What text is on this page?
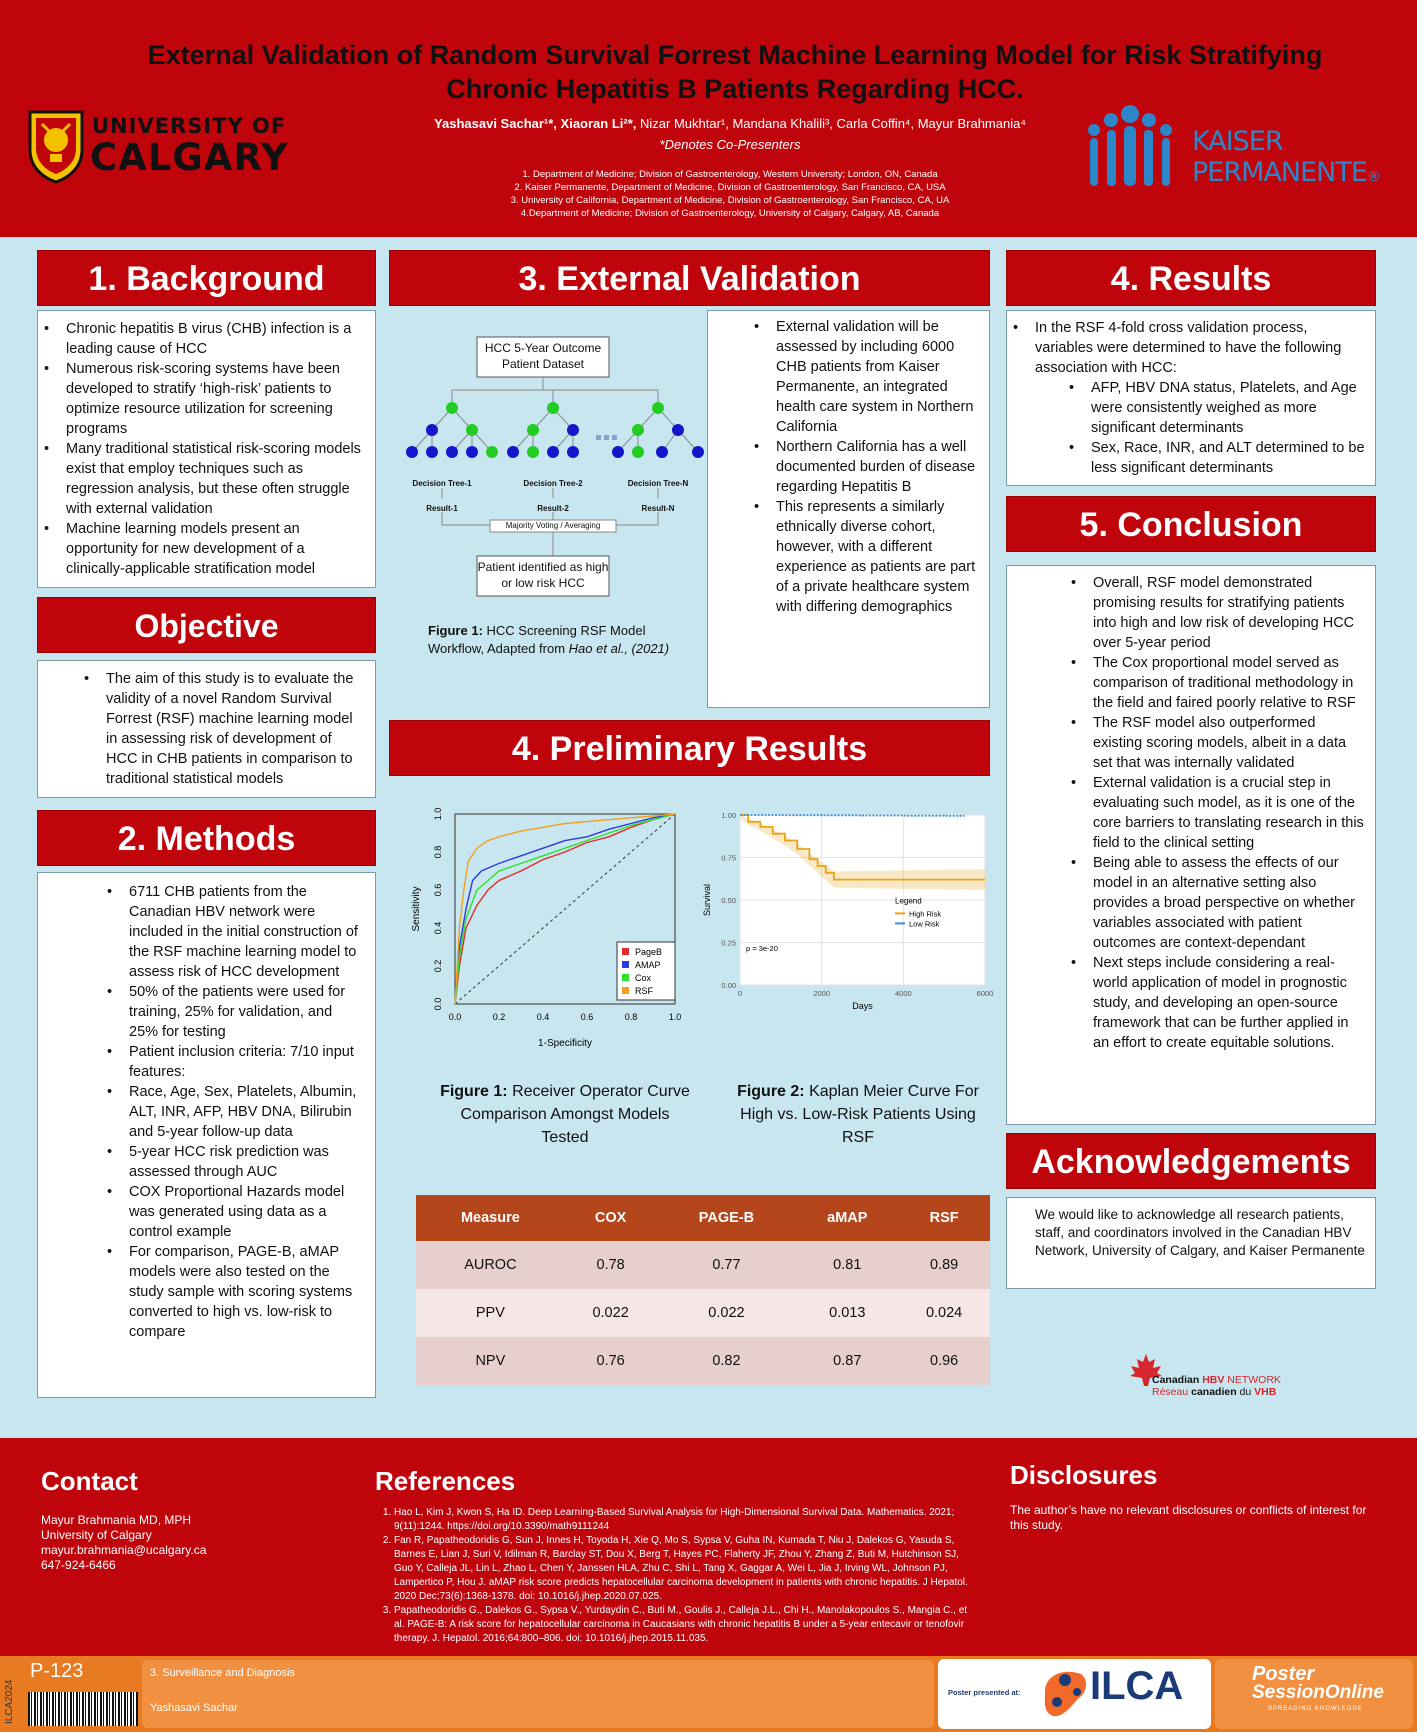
External Validation of Random Survival Forrest Machine Learning Model for Risk Stratifying Chronic Hepatitis B Patients Regarding HCC.
Yashasavi Sachar¹*, Xiaoran Li²*, Nizar Mukhtar¹, Mandana Khalili³, Carla Coffin⁴, Mayur Brahmania⁴
*Denotes Co-Presenters
1. Department of Medicine; Division of Gastroenterology, Western University; London, ON, Canada
2. Kaiser Permanente, Department of Medicine, Division of Gastroenterology, San Francisco, CA, USA
3. University of California, Department of Medicine, Division of Gastroenterology, San Francisco, CA, UA
4.Department of Medicine; Division of Gastroenterology, University of Calgary, Calgary, AB, Canada
UNIVERSITY OF
CALGARY	KAISER
PERMANENTE®
1. Background
• Chronic hepatitis B virus (CHB) infection is a leading cause of HCC
• Numerous risk-scoring systems have been developed to stratify ‘high-risk’ patients to optimize resource utilization for screening programs
• Many traditional statistical risk-scoring models exist that employ techniques such as regression analysis, but these often struggle with external validation
• Machine learning models present an opportunity for new development of a clinically-applicable stratification model
Objective
• The aim of this study is to evaluate the validity of a novel Random Survival Forrest (RSF) machine learning model in assessing risk of development of HCC in CHB patients in comparison to traditional statistical models
2. Methods
• 6711 CHB patients from the Canadian HBV network were included in the initial construction of the RSF machine learning model to assess risk of HCC development
• 50% of the patients were used for training, 25% for validation, and 25% for testing
• Patient inclusion criteria: 7/10 input features:
• Race, Age, Sex, Platelets, Albumin, ALT, INR, AFP, HBV DNA, Bilirubin and 5-year follow-up data
• 5-year HCC risk prediction was assessed through AUC
• COX Proportional Hazards model was generated using data as a control example
• For comparison, PAGE-B, aMAP models were also tested on the study sample with scoring systems converted to high vs. low-risk to compare
3. External Validation
HCC 5-Year Outcome Patient Dataset
Decision Tree-1	Decision Tree-2	Decision Tree-N
Result-1	Result-2	Result-N
Majority Voting / Averaging
Patient identified as high or low risk HCC
Figure 1: HCC Screening RSF Model Workflow, Adapted from Hao et al., (2021)
• External validation will be assessed by including 6000 CHB patients from Kaiser Permanente, an integrated health care system in Northern California
• Northern California has a well documented burden of disease regarding Hepatitis B
• This represents a similarly ethnically diverse cohort, however, with a different experience as patients are part of a private healthcare system with differing demographics
4. Preliminary Results
0.0
0.0
0.2
0.2
0.4
0.4
0.6
0.6
0.8
0.8
1.0
1.0
1-Specificity
Sensitivity
PageB
AMAP
Cox
RSF
0.00
0.25
0.50
0.75
1.00
0	2000	4000	6000
Days
Survival
p = 3e-20
Legend
High Risk
Low Risk
Figure 1: Receiver Operator Curve Comparison Amongst Models Tested
Figure 2: Kaplan Meier Curve For High vs. Low-Risk Patients Using RSF
Measure	COX	PAGE-B	aMAP	RSF
AUROC	0.78	0.77	0.81	0.89
PPV	0.022	0.022	0.013	0.024
NPV	0.76	0.82	0.87	0.96
4. Results
• In the RSF 4-fold cross validation process, variables were determined to have the following association with HCC:
• AFP, HBV DNA status, Platelets, and Age were consistently weighed as more significant determinants
• Sex, Race, INR, and ALT determined to be less significant determinants
5. Conclusion
• Overall, RSF model demonstrated promising results for stratifying patients into high and low risk of developing HCC over 5-year period
• The Cox proportional model served as comparison of traditional methodology in the field and faired poorly relative to RSF
• The RSF model also outperformed existing scoring models, albeit in a data set that was internally validated
• External validation is a crucial step in evaluating such model, as it is one of the core barriers to translating research in this field to the clinical setting
• Being able to assess the effects of our model in an alternative setting also provides a broad perspective on whether variables associated with patient outcomes are context-dependant
• Next steps include considering a real-world application of model in prognostic study, and developing an open-source framework that can be further applied in an effort to create equitable solutions.
Acknowledgements
We would like to acknowledge all research patients, staff, and coordinators involved in the Canadian HBV Network, University of Calgary, and Kaiser Permanente
Canadian HBV NETWORK
Réseau canadien du VHB
Contact
Mayur Brahmania MD, MPH
University of Calgary
mayur.brahmania@ucalgary.ca
647-924-6466
References
1. Hao L, Kim J, Kwon S, Ha ID. Deep Learning-Based Survival Analysis for High-Dimensional Survival Data. Mathematics. 2021; 9(11):1244. https://doi.org/10.3390/math9111244
2. Fan R, Papatheodoridis G, Sun J, Innes H, Toyoda H, Xie Q, Mo S, Sypsa V, Guha IN, Kumada T, Niu J, Dalekos G, Yasuda S, Barnes E, Lian J, Suri V, Idilman R, Barclay ST, Dou X, Berg T, Hayes PC, Flaherty JF, Zhou Y, Zhang Z, Buti M, Hutchinson SJ, Guo Y, Calleja JL, Lin L, Zhao L, Chen Y, Janssen HLA, Zhu C, Shi L, Tang X, Gaggar A, Wei L, Jia J, Irving WL, Johnson PJ, Lampertico P, Hou J. aMAP risk score predicts hepatocellular carcinoma development in patients with chronic hepatitis. J Hepatol. 2020 Dec;73(6):1368-1378. doi: 10.1016/j.jhep.2020.07.025.
3. Papatheodoridis G., Dalekos G., Sypsa V., Yurdaydin C., Buti M., Goulis J., Calleja J.L., Chi H., Manolakopoulos S., Mangia C., et al. PAGE-B: A risk score for hepatocellular carcinoma in Caucasians with chronic hepatitis B under a 5-year entecavir or tenofovir therapy. J. Hepatol. 2016;64:800–806. doi: 10.1016/j.jhep.2015.11.035.
Disclosures
The author’s have no relevant disclosures or conflicts of interest for this study.
ILCA2024
P-123	3. Surveillance and Diagnosis
Yashasavi Sachar
Poster presented at: ILCA	Poster
SessionOnline
SPREADING KNOWLEDGE
